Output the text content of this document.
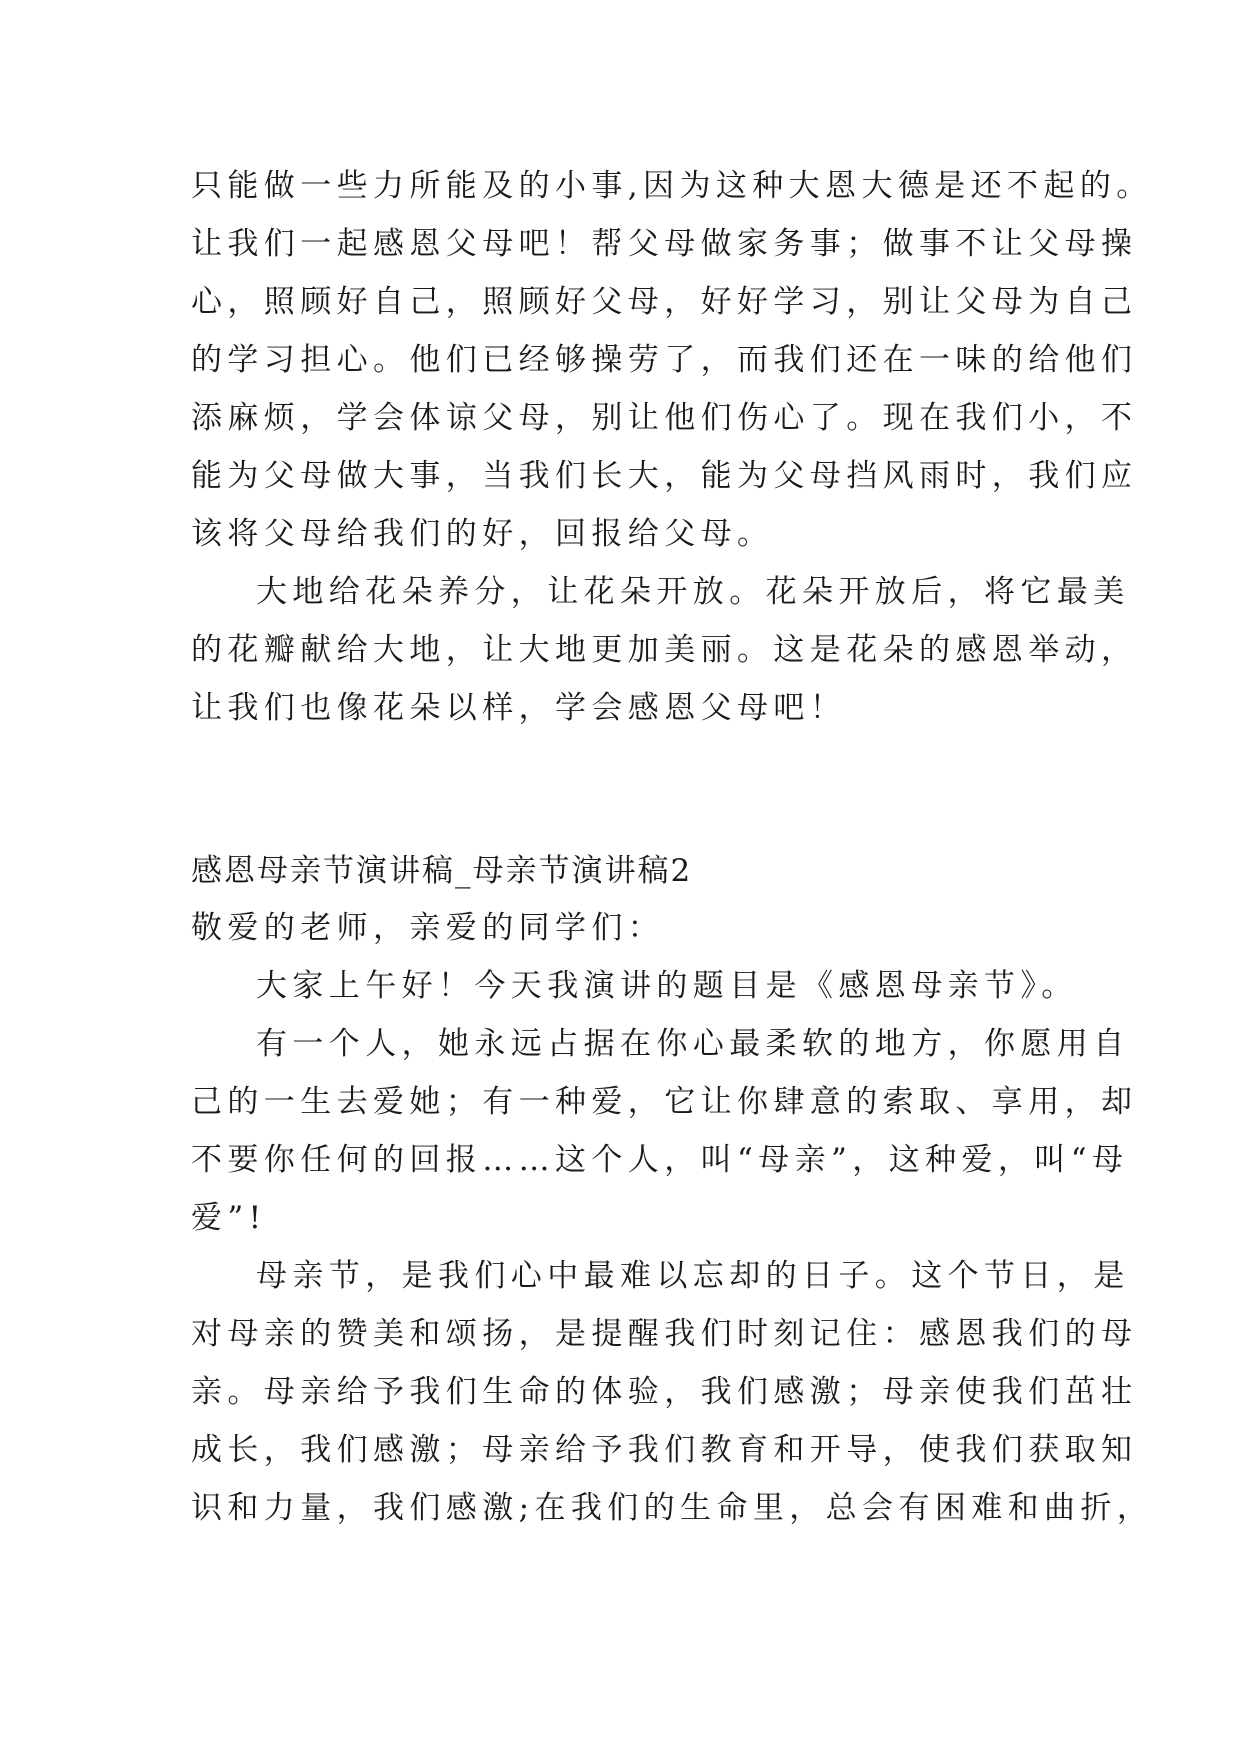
只能做一些力所能及的小事,因为这种大恩大德是还不起的。
让我们一起感恩父母吧！帮父母做家务事；做事不让父母操
心，照顾好自己，照顾好父母，好好学习，别让父母为自己
的学习担心。他们已经够操劳了，而我们还在一味的给他们
添麻烦，学会体谅父母，别让他们伤心了。现在我们小，不
能为父母做大事，当我们长大，能为父母挡风雨时，我们应
该将父母给我们的好，回报给父母。
大地给花朵养分，让花朵开放。花朵开放后，将它最美
的花瓣献给大地，让大地更加美丽。这是花朵的感恩举动，
让我们也像花朵以样，学会感恩父母吧！
感恩母亲节演讲稿_母亲节演讲稿2
敬爱的老师，亲爱的同学们：
大家上午好！今天我演讲的题目是《感恩母亲节》。
有一个人，她永远占据在你心最柔软的地方，你愿用自
己的一生去爱她；有一种爱，它让你肆意的索取、享用，却
不要你任何的回报……这个人，叫“母亲”，这种爱，叫“母
爱”!
母亲节，是我们心中最难以忘却的日子。这个节日，是
对母亲的赞美和颂扬，是提醒我们时刻记住：感恩我们的母
亲。母亲给予我们生命的体验，我们感激；母亲使我们茁壮
成长，我们感激；母亲给予我们教育和开导，使我们获取知
识和力量，我们感激;在我们的生命里，总会有困难和曲折，
